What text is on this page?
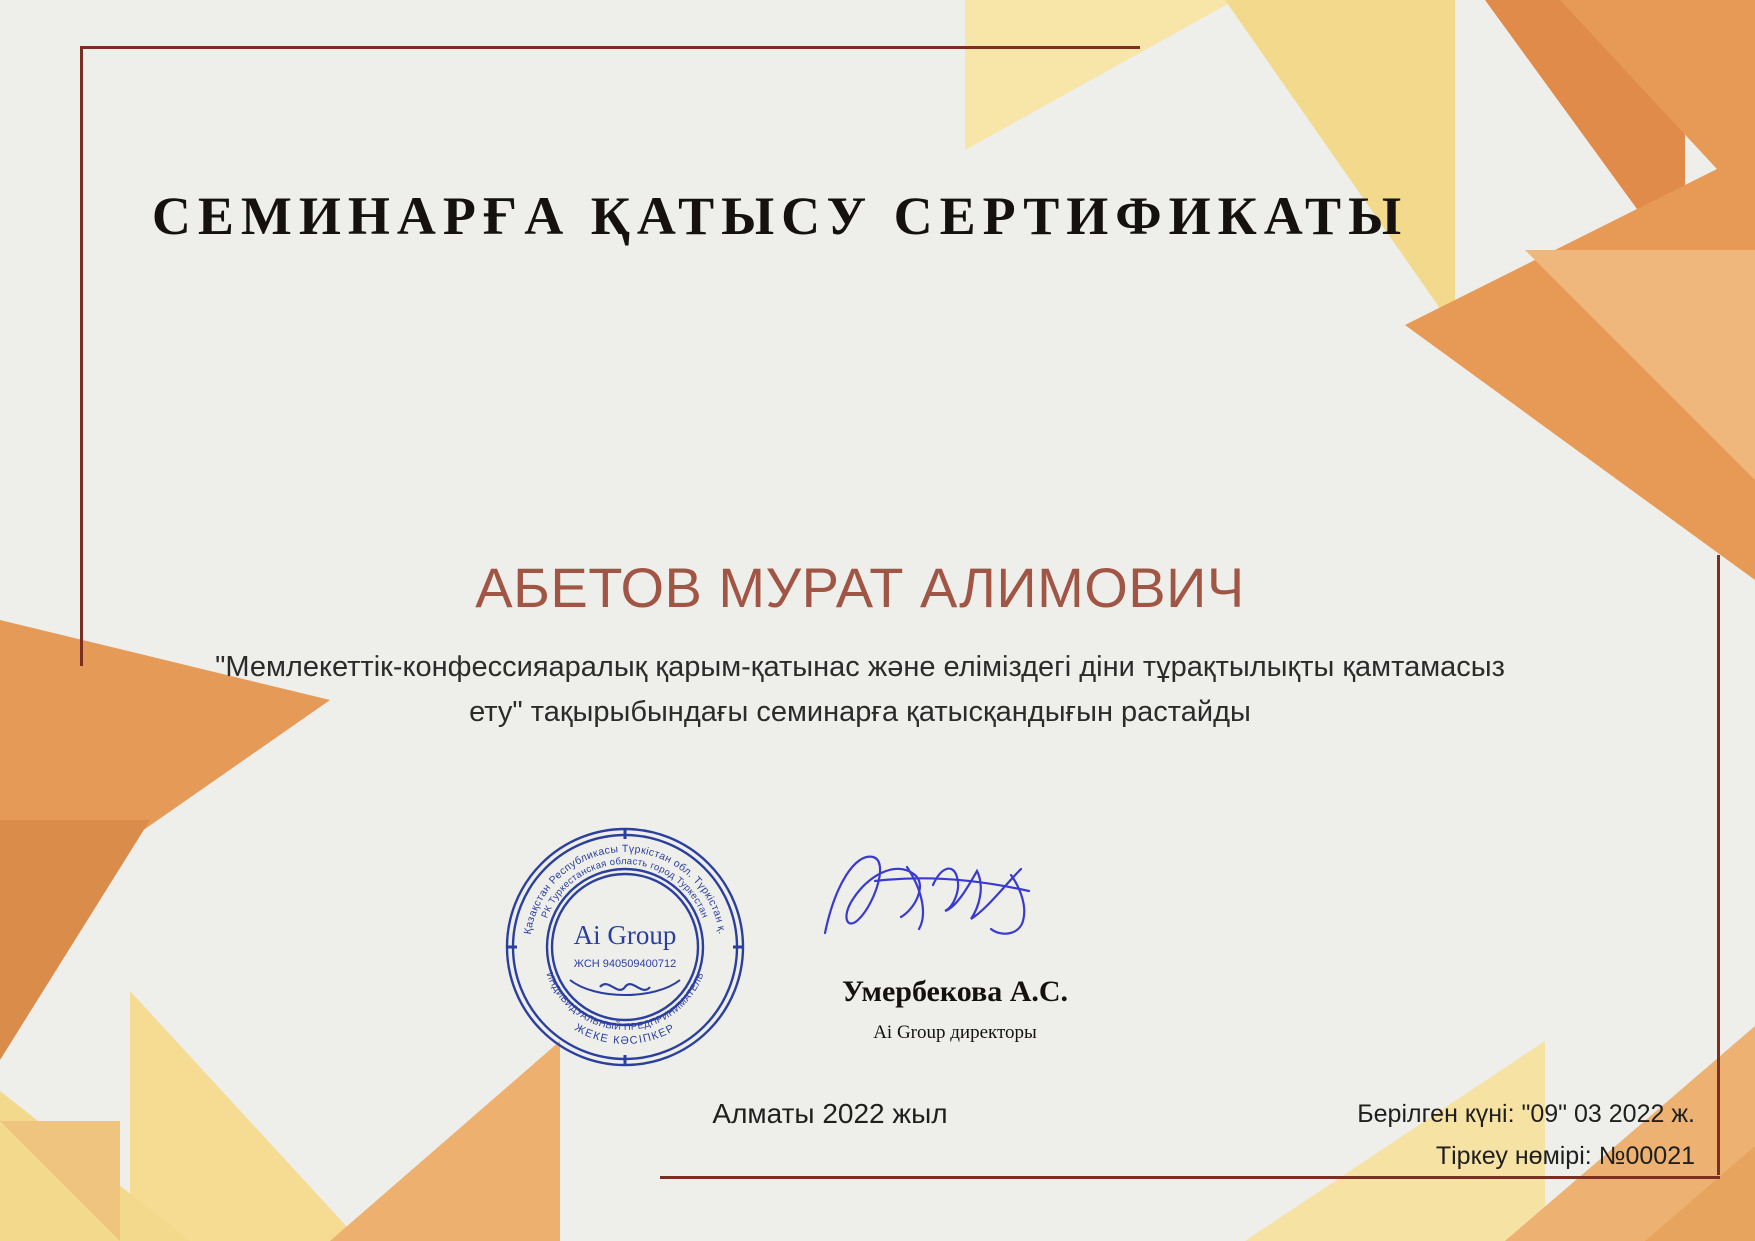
СЕМИНАРҒА ҚАТЫСУ СЕРТИФИКАТЫ
АБЕТОВ МУРАТ АЛИМОВИЧ
"Мемлекеттік-конфессияаралық қарым-қатынас және еліміздегі діни тұрақтылықты қамтамасыз ету" тақырыбындағы семинарға қатысқандығын растайды
Қазақстан Республикасы Түркістан обл. Түркістан қ.
РК Туркестанская область город Туркестан
ЖЕКЕ КӘСІПКЕР
ИНДИВИДУАЛЬНЫЙ ПРЕДПРИНИМАТЕЛЬ
Ai Group
ЖСН 940509400712
Умербекова А.С.
Ai Group директоры
Алматы 2022 жыл	Берілген күні: "09" 03 2022 ж.
Тіркеу нөмірі: №00021
